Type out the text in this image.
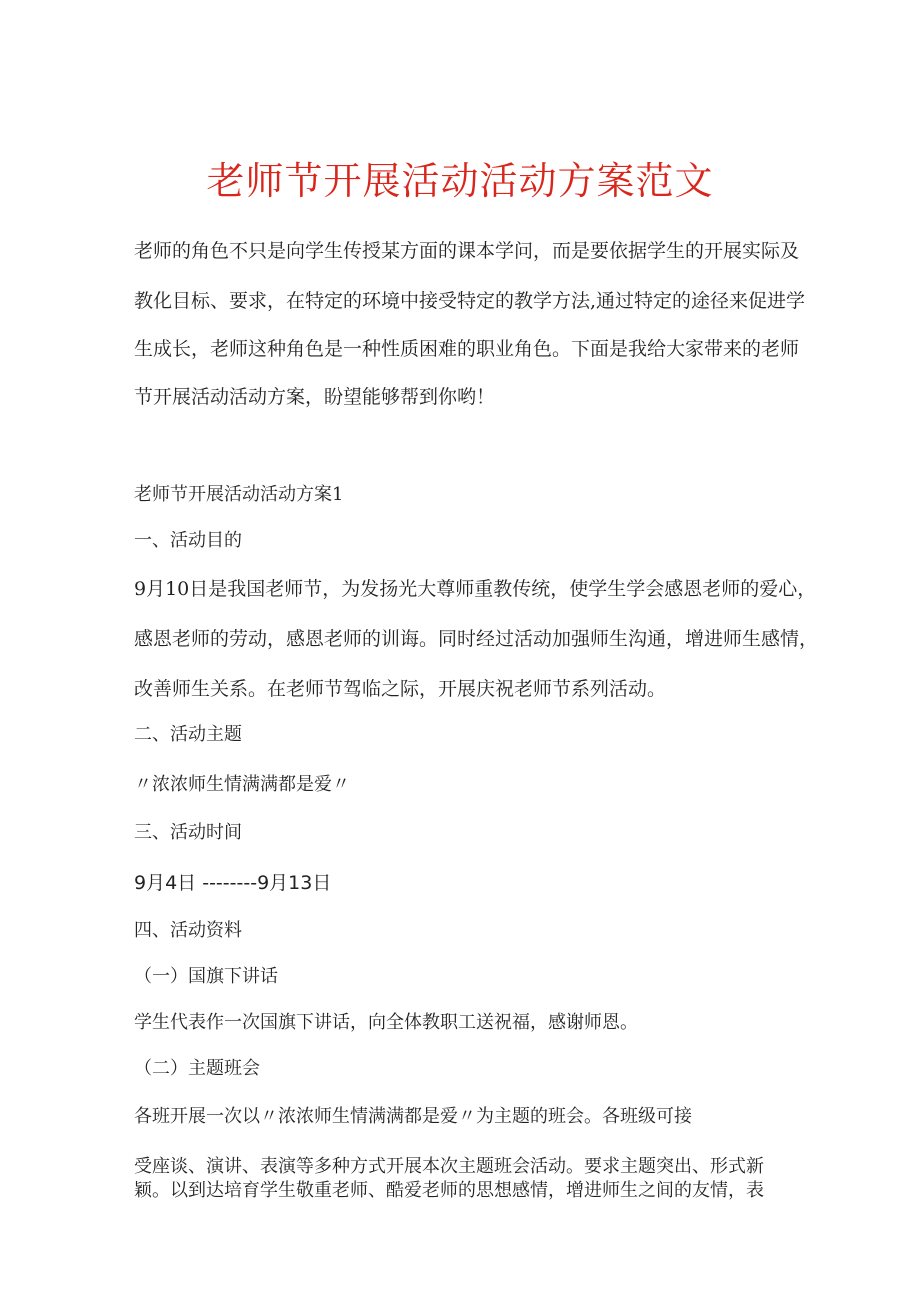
老师节开展活动活动方案范文

老师的角色不只是向学生传授某方面的课本学问，而是要依据学生的开展实际及

教化目标、要求，在特定的环境中接受特定的教学方法,通过特定的途径来促进学

生成长，老师这种角色是一种性质困难的职业角色。下面是我给大家带来的老师

节开展活动活动方案，盼望能够帮到你哟！

老师节开展活动活动方案1

一、活动目的

9月10日是我国老师节，为发扬光大尊师重教传统，使学生学会感恩老师的爱心，

感恩老师的劳动，感恩老师的训诲。同时经过活动加强师生沟通，增进师生感情，

改善师生关系。在老师节驾临之际，开展庆祝老师节系列活动。

二、活动主题

〃浓浓师生情满满都是爱〃

三、活动时间

9月4日 --------9月13日

四、活动资料

（一）国旗下讲话

学生代表作一次国旗下讲话，向全体教职工送祝福，感谢师恩。

（二）主题班会

各班开展一次以〃浓浓师生情满满都是爱〃为主题的班会。各班级可接

受座谈、演讲、表演等多种方式开展本次主题班会活动。要求主题突出、形式新

颖。以到达培育学生敬重老师、酷爱老师的思想感情，增进师生之间的友情，表
